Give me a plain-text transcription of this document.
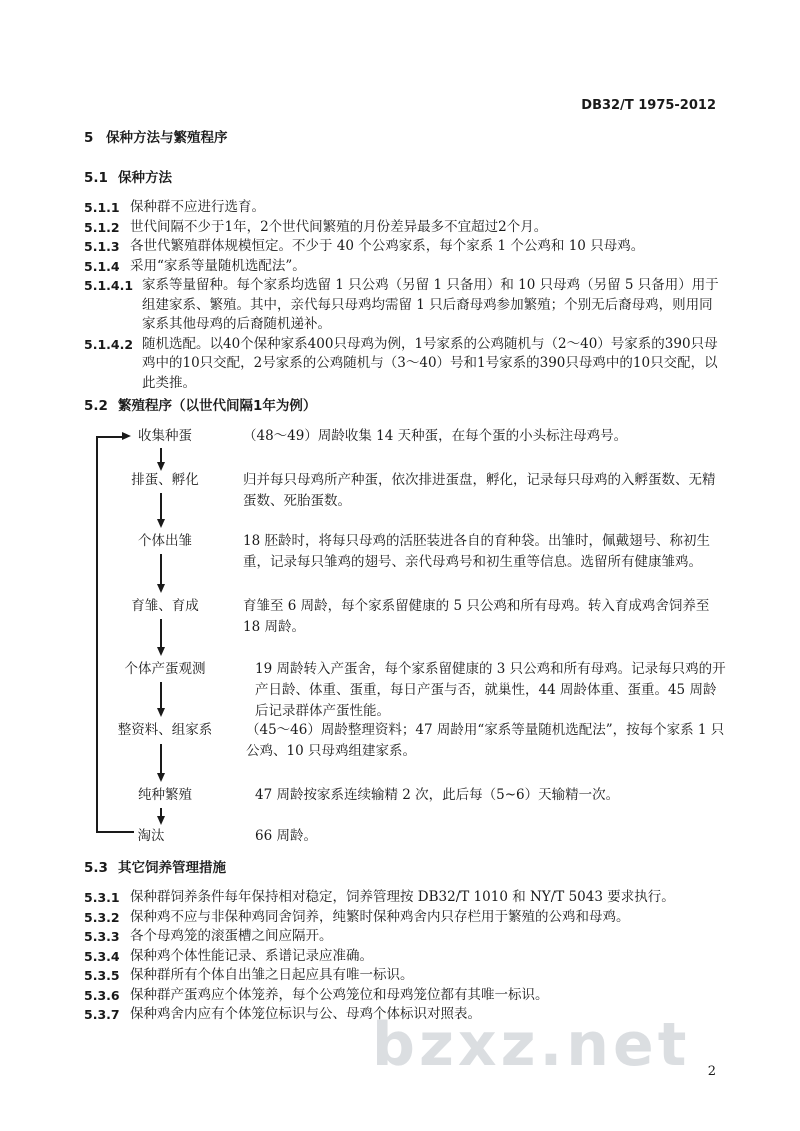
DB32/T 1975-2012
5 保种方法与繁殖程序
5.1 保种方法
5.1.1 保种群不应进行选育。
5.1.2 世代间隔不少于1年，2个世代间繁殖的月份差异最多不宜超过2个月。
5.1.3 各世代繁殖群体规模恒定。不少于 40 个公鸡家系，每个家系 1 个公鸡和 10 只母鸡。
5.1.4 采用“家系等量随机选配法”。
5.1.4.1 家系等量留种。每个家系均选留 1 只公鸡（另留 1 只备用）和 10 只母鸡（另留 5 只备用）用于组建家系、繁殖。其中，亲代每只母鸡均需留 1 只后裔母鸡参加繁殖；个别无后裔母鸡，则用同家系其他母鸡的后裔随机递补。
5.1.4.2 随机选配。以40个保种家系400只母鸡为例，1号家系的公鸡随机与（2～40）号家系的390只母鸡中的10只交配，2号家系的公鸡随机与（3～40）号和1号家系的390只母鸡中的10只交配，以此类推。
5.2 繁殖程序（以世代间隔1年为例）
收集种蛋
排蛋、孵化
个体出雏
育雏、育成
个体产蛋观测
整资料、组家系
纯种繁殖
淘汰
（48～49）周龄收集 14 天种蛋，在每个蛋的小头标注母鸡号。
归并每只母鸡所产种蛋，依次排进蛋盘，孵化，记录每只母鸡的入孵蛋数、无精蛋数、死胎蛋数。
18 胚龄时，将每只母鸡的活胚装进各自的育种袋。出雏时，佩戴翅号、称初生重，记录每只雏鸡的翅号、亲代母鸡号和初生重等信息。选留所有健康雏鸡。
育雏至 6 周龄，每个家系留健康的 5 只公鸡和所有母鸡。转入育成鸡舍饲养至 18 周龄。
19 周龄转入产蛋舍，每个家系留健康的 3 只公鸡和所有母鸡。记录每只鸡的开产日龄、体重、蛋重，每日产蛋与否，就巢性，44 周龄体重、蛋重。45 周龄后记录群体产蛋性能。
（45～46）周龄整理资料；47 周龄用“家系等量随机选配法”，按每个家系 1 只公鸡、10 只母鸡组建家系。
47 周龄按家系连续输精 2 次，此后每（5~6）天输精一次。
66 周龄。
5.3 其它饲养管理措施
5.3.1 保种群饲养条件每年保持相对稳定，饲养管理按 DB32/T 1010 和 NY/T 5043 要求执行。
5.3.2 保种鸡不应与非保种鸡同舍饲养，纯繁时保种鸡舍内只存栏用于繁殖的公鸡和母鸡。
5.3.3 各个母鸡笼的滚蛋槽之间应隔开。
5.3.4 保种鸡个体性能记录、系谱记录应准确。
5.3.5 保种群所有个体自出雏之日起应具有唯一标识。
5.3.6 保种群产蛋鸡应个体笼养，每个公鸡笼位和母鸡笼位都有其唯一标识。
5.3.7 保种鸡舍内应有个体笼位标识与公、母鸡个体标识对照表。
bzxz.net 2
